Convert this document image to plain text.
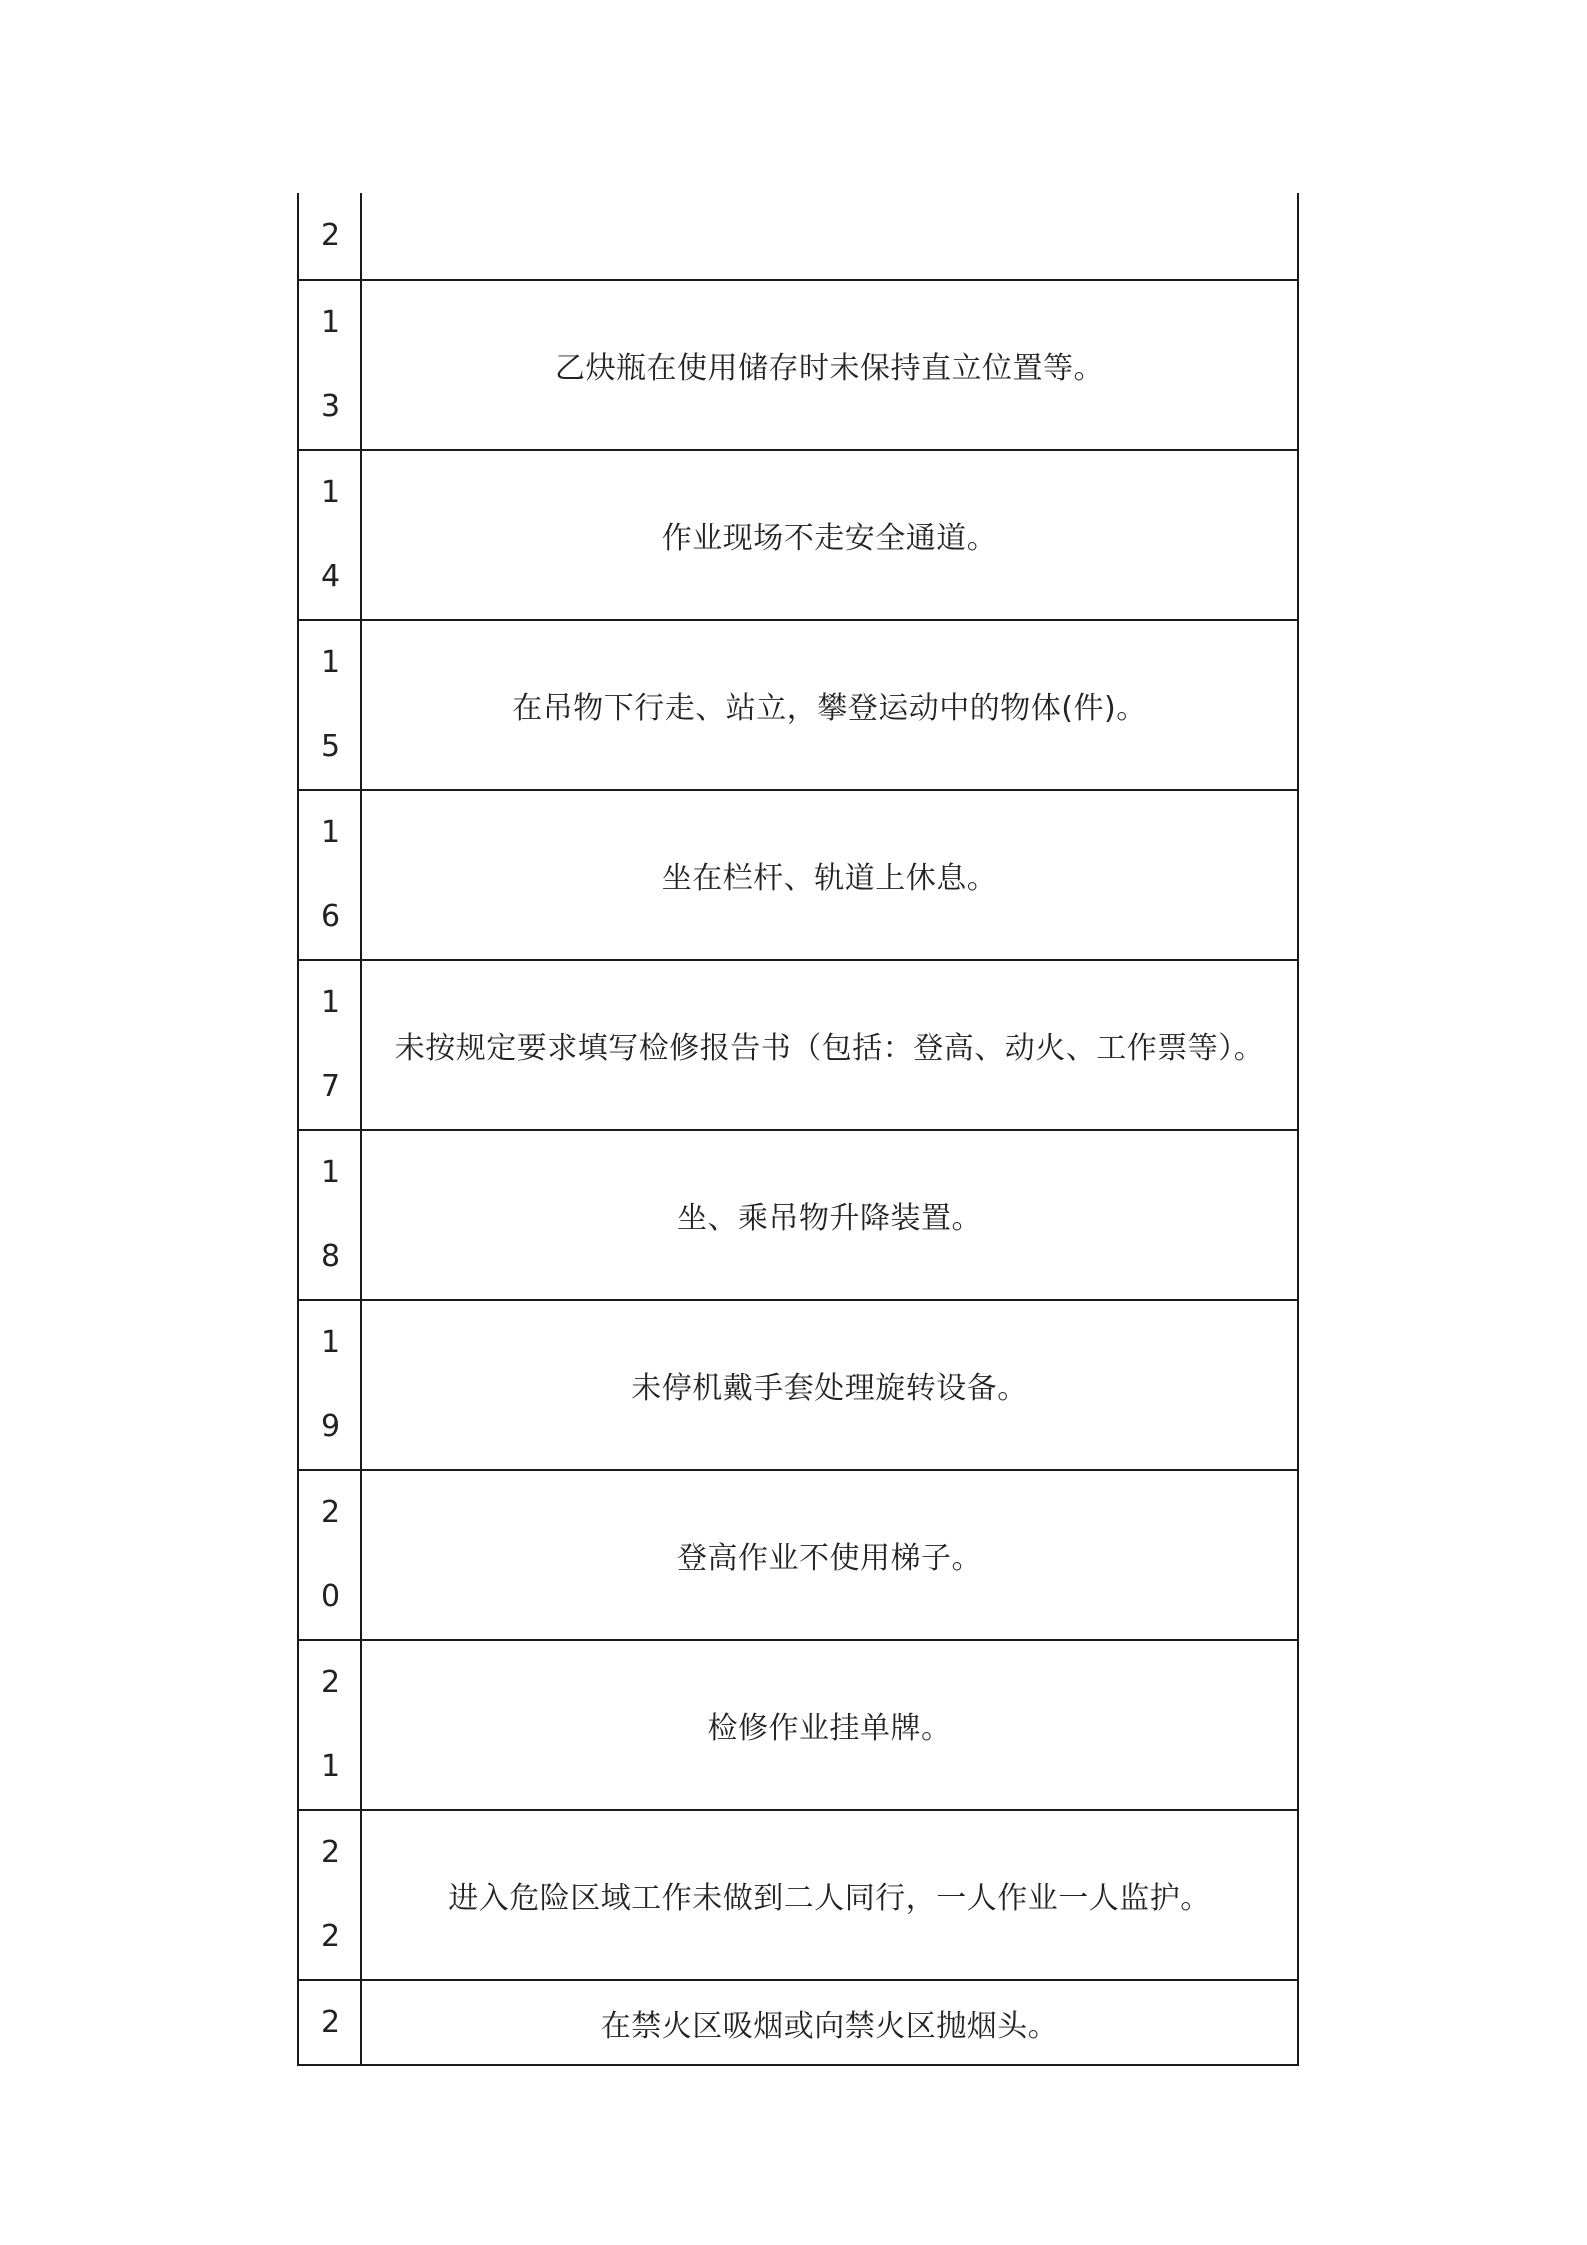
2
1
3
乙炔瓶在使用储存时未保持直立位置等。
1
4
作业现场不走安全通道。
1
5
在吊物下行走、站立，攀登运动中的物体(件)。
1
6
坐在栏杆、轨道上休息。
1
7
未按规定要求填写检修报告书（包括：登高、动火、工作票等）。
1
8
坐、乘吊物升降装置。
1
9
未停机戴手套处理旋转设备。
2
0
登高作业不使用梯子。
2
1
检修作业挂单牌。
2
2
进入危险区域工作未做到二人同行，一人作业一人监护。
2	在禁火区吸烟或向禁火区抛烟头。
